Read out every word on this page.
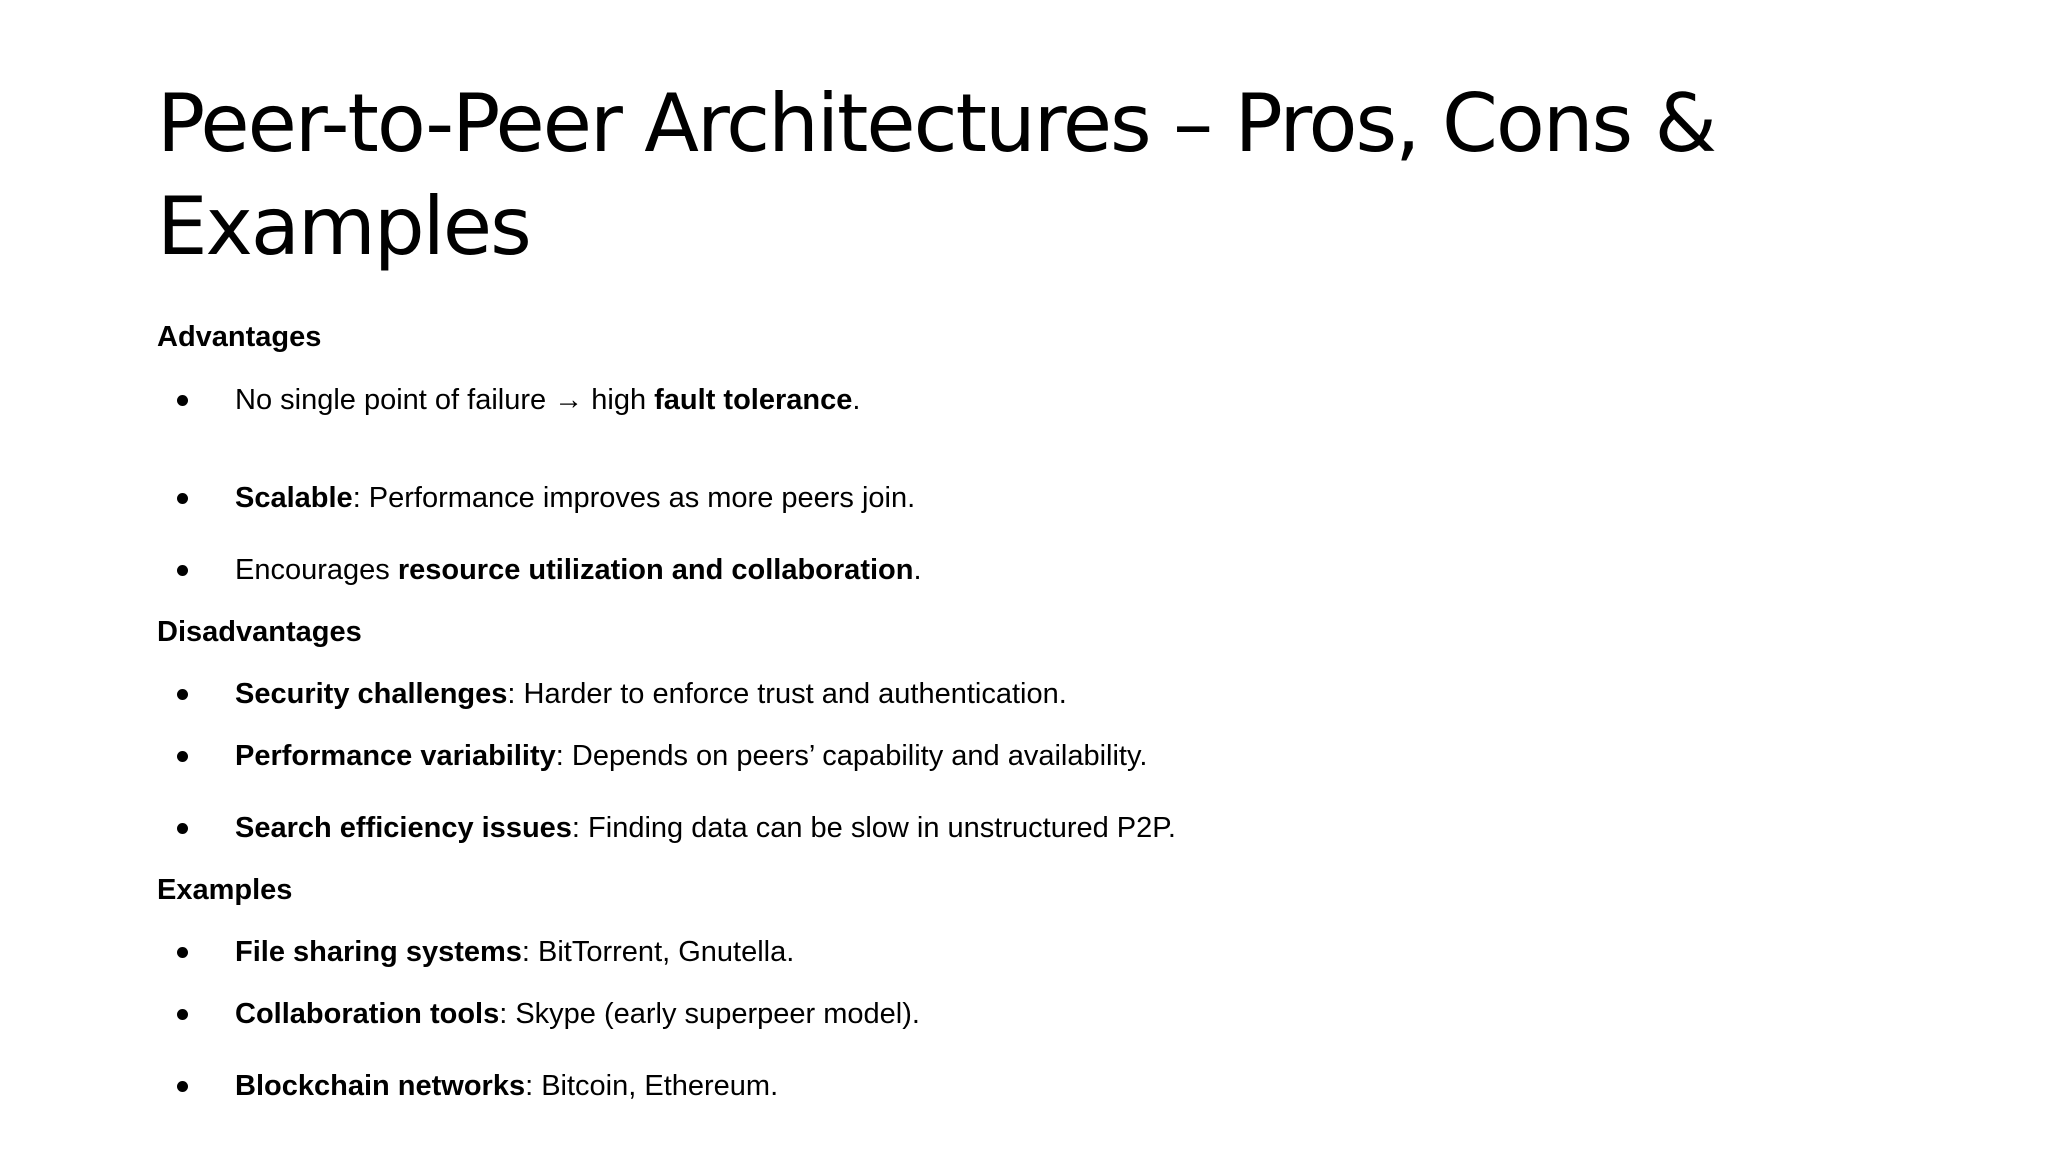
Peer-to-Peer Architectures – Pros, Cons & Examples
Advantages
No single point of failure → high fault tolerance.
Scalable: Performance improves as more peers join.
Encourages resource utilization and collaboration.
Disadvantages
Security challenges: Harder to enforce trust and authentication.
Performance variability: Depends on peers’ capability and availability.
Search efficiency issues: Finding data can be slow in unstructured P2P.
Examples
File sharing systems: BitTorrent, Gnutella.
Collaboration tools: Skype (early superpeer model).
Blockchain networks: Bitcoin, Ethereum.
